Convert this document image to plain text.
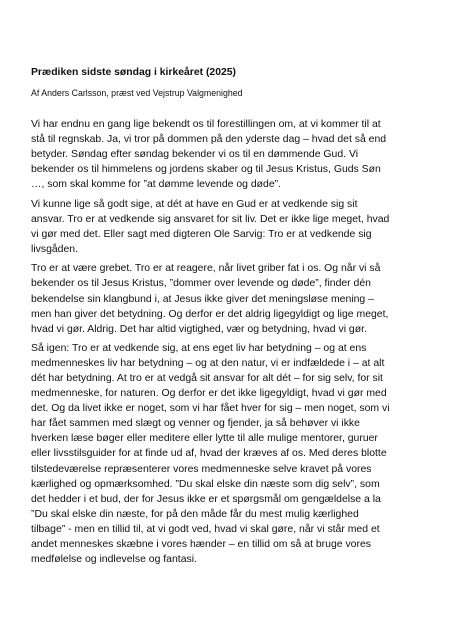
Prædiken sidste søndag i kirkeåret (2025)
Af Anders Carlsson, præst ved Vejstrup Valgmenighed
Vi har endnu en gang lige bekendt os til forestillingen om, at vi kommer til at
stå til regnskab. Ja, vi tror på dommen på den yderste dag – hvad det så end
betyder. Søndag efter søndag bekender vi os til en dømmende Gud. Vi
bekender os til himmelens og jordens skaber og til Jesus Kristus, Guds Søn
…, som skal komme for ”at dømme levende og døde”.
Vi kunne lige så godt sige, at dét at have en Gud er at vedkende sig sit
ansvar. Tro er at vedkende sig ansvaret for sit liv. Det er ikke lige meget, hvad
vi gør med det. Eller sagt med digteren Ole Sarvig: Tro er at vedkende sig
livsgåden.
Tro er at være grebet. Tro er at reagere, når livet griber fat i os. Og når vi så
bekender os til Jesus Kristus, ”dommer over levende og døde”, finder dén
bekendelse sin klangbund i, at Jesus ikke giver det meningsløse mening –
men han giver det betydning. Og derfor er det aldrig ligegyldigt og lige meget,
hvad vi gør. Aldrig. Det har altid vigtighed, vær og betydning, hvad vi gør.
Så igen: Tro er at vedkende sig, at ens eget liv har betydning – og at ens
medmenneskes liv har betydning – og at den natur, vi er indfældede i – at alt
dét har betydning. At tro er at vedgå sit ansvar for alt dét – for sig selv, for sit
medmenneske, for naturen. Og derfor er det ikke ligegyldigt, hvad vi gør med
det. Og da livet ikke er noget, som vi har fået hver for sig – men noget, som vi
har fået sammen med slægt og venner og fjender, ja så behøver vi ikke
hverken læse bøger eller meditere eller lytte til alle mulige mentorer, guruer
eller livsstilsguider for at finde ud af, hvad der kræves af os. Med deres blotte
tilstedeværelse repræsenterer vores medmenneske selve kravet på vores
kærlighed og opmærksomhed. ”Du skal elske din næste som dig selv”, som
det hedder i et bud, der for Jesus ikke er et spørgsmål om gengældelse a la
”Du skal elske din næste, for på den måde får du mest mulig kærlighed
tilbage” - men en tillid til, at vi godt ved, hvad vi skal gøre, når vi står med et
andet menneskes skæbne i vores hænder – en tillid om så at bruge vores
medfølelse og indlevelse og fantasi.
